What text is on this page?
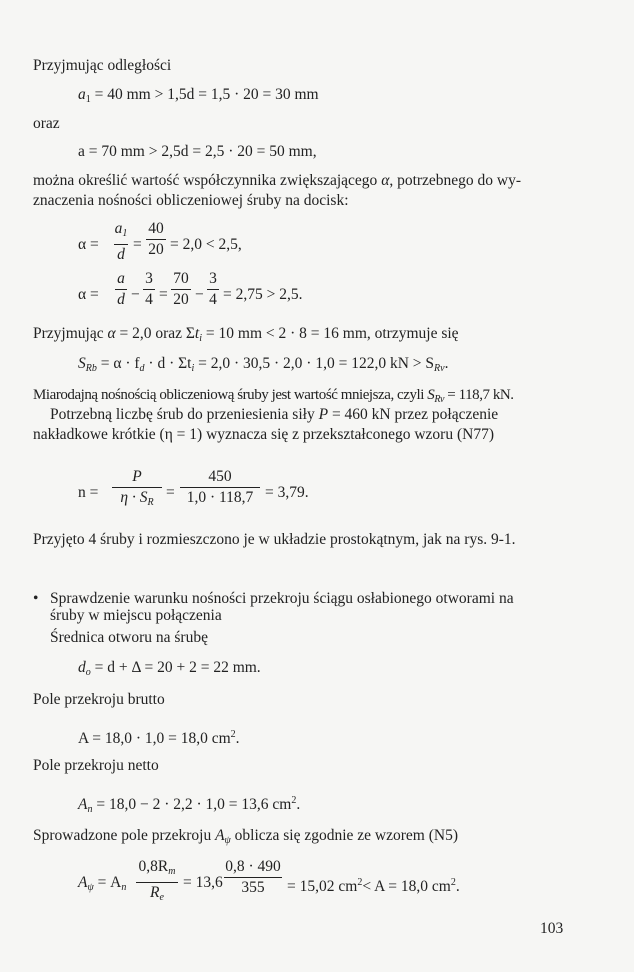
Przyjmując odległości
$a_1 = 40$ mm > 1,5d = 1,5 · 20 = 30 mm
oraz
a = 70 mm > 2,5d = 2,5 · 20 = 50 mm,
można określić wartość współczynnika zwiększającego α, potrzebnego do wy-
znaczenia nośności obliczeniowej śruby na docisk:
α =
$a_1$
d
=
40
20 = 2,0 < 2,5,
α =
a
d −
3
4 =
70
20 −
3
4 = 2,75 > 2,5.
Przyjmując α = 2,0 oraz $\Sigma t_i = 10$ mm < 2 · 8 = 16 mm, otrzymuje się
$S_{Rb} = \alpha \cdot f_d \cdot d \cdot \Sigma t_i = 2,0 \cdot 30,5 \cdot 2,0 \cdot 1,0 = 122,0$ kN > $S_{Rv}$.
Miarodajną nośnością obliczeniową śruby jest wartość mniejsza, czyli $S_{Rv} = 118,7$ kN.
Potrzebną liczbę śrub do przeniesienia siły P = 460 kN przez połączenie
nakładkowe krótkie (η = 1) wyznacza się z przekształconego wzoru (N77)
n =
P
$\eta \cdot S_R$
=
450
1,0 · 118,7 = 3,79.
Przyjęto 4 śruby i rozmieszczono je w układzie prostokątnym, jak na rys. 9-1.
• Sprawdzenie warunku nośności przekroju ściągu osłabionego otworami na
śruby w miejscu połączenia
Średnica otworu na śrubę
$d_o = d + \Delta = 20 + 2 = 22$ mm.
Pole przekroju brutto
A = 18,0 · 1,0 = 18,0 $cm^2$.
Pole przekroju netto
$A_n = 18,0 - 2 \cdot 2,2 \cdot 1,0 = 13,6$ $cm^2$.
Sprowadzone pole przekroju $A_\psi$ oblicza się zgodnie ze wzorem (N5)
$A_\psi = A_n$
$0,8R_m$
$R_e$
= 13,6
0,8 · 490
355	= 15,02 $cm^2< A = 18,0$ $cm^2$.
103
